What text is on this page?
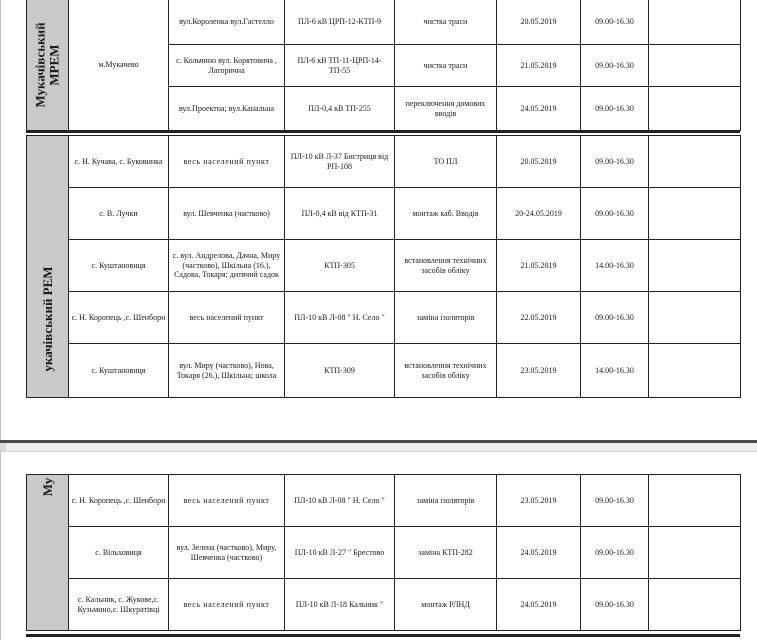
Мукачівський МРЕМ	м.Мукачево	вул.Короленка вул.Гастелло	ПЛ-6 кВ ЦРП-12-КТП-9	чистка траси	20.05.2019	09.00-16.30	
		с. Кольчино вул. Корятовича , Латорична	ПЛ-6 кВ ТП-11-ЦРП-14-ТП-55	чистка траси	21.05.2019	09.00-16.30	
		вул.Проектна; вул.Канальна	ПЛ-0,4 кВ ТП-255	переключення домових вводів	24.05.2019	09.00-16.30	
укачівський РЕМ	с. Н. Кучава, с. Буковинка	весь населений пункт	ПЛ-10 кВ Л-37 Бистриця від РП-108	ТО ПЛ	20.05.2019	09.00-16.30	
	с. В. Лучки	вул. Шевченка (частково)	ПЛ-0,4 кВ від КТП-31	монтаж каб. Вводів	20-24.05.2019	09.00-16.30	
	с. Куштановиця	с. вул. Андрелова, Дачна, Миру (частково), Шкільна (16.), Садова, Токаря; дитячий садок	КТП-305	встановлення технічних засобів обліку	21.05.2019	14.00-16.30	
	с. Н. Коропець ,с. Шенборн	весь населений пункт	ПЛ-10 кВ Л-08 " Н. Село "	заміна ізоляторів	22.05.2019	09.00-16.30	
	с. Куштановиця	вул. Миру (частково), Нова, Токаря (26.), Шкільна; школа	КТП-309	встановлення технічних засобів обліку	23.05.2019	14.00-16.30	
Му	с. Н. Коропець ,с. Шенборн	весь населений пункт	ПЛ-10 кВ Л-08 " Н. Село "	заміна ізоляторів	23.05.2019	09.00-16.30	
	с. Вільховиця	вул. Зелена (частково), Миру, Шевченка (частково)	ПЛ-10 кВ Л-27 " Брестово	заміна КТП-282	24.05.2019	09.00-16.30	
	с. Кальник, с. Жукове,с. Кузьмино,с. Шкуратівці	весь населений пункт	ПЛ-10 кВ Л-18 Кальник "	монтаж РЛНД	24.05.2019	09.00-16.30	
